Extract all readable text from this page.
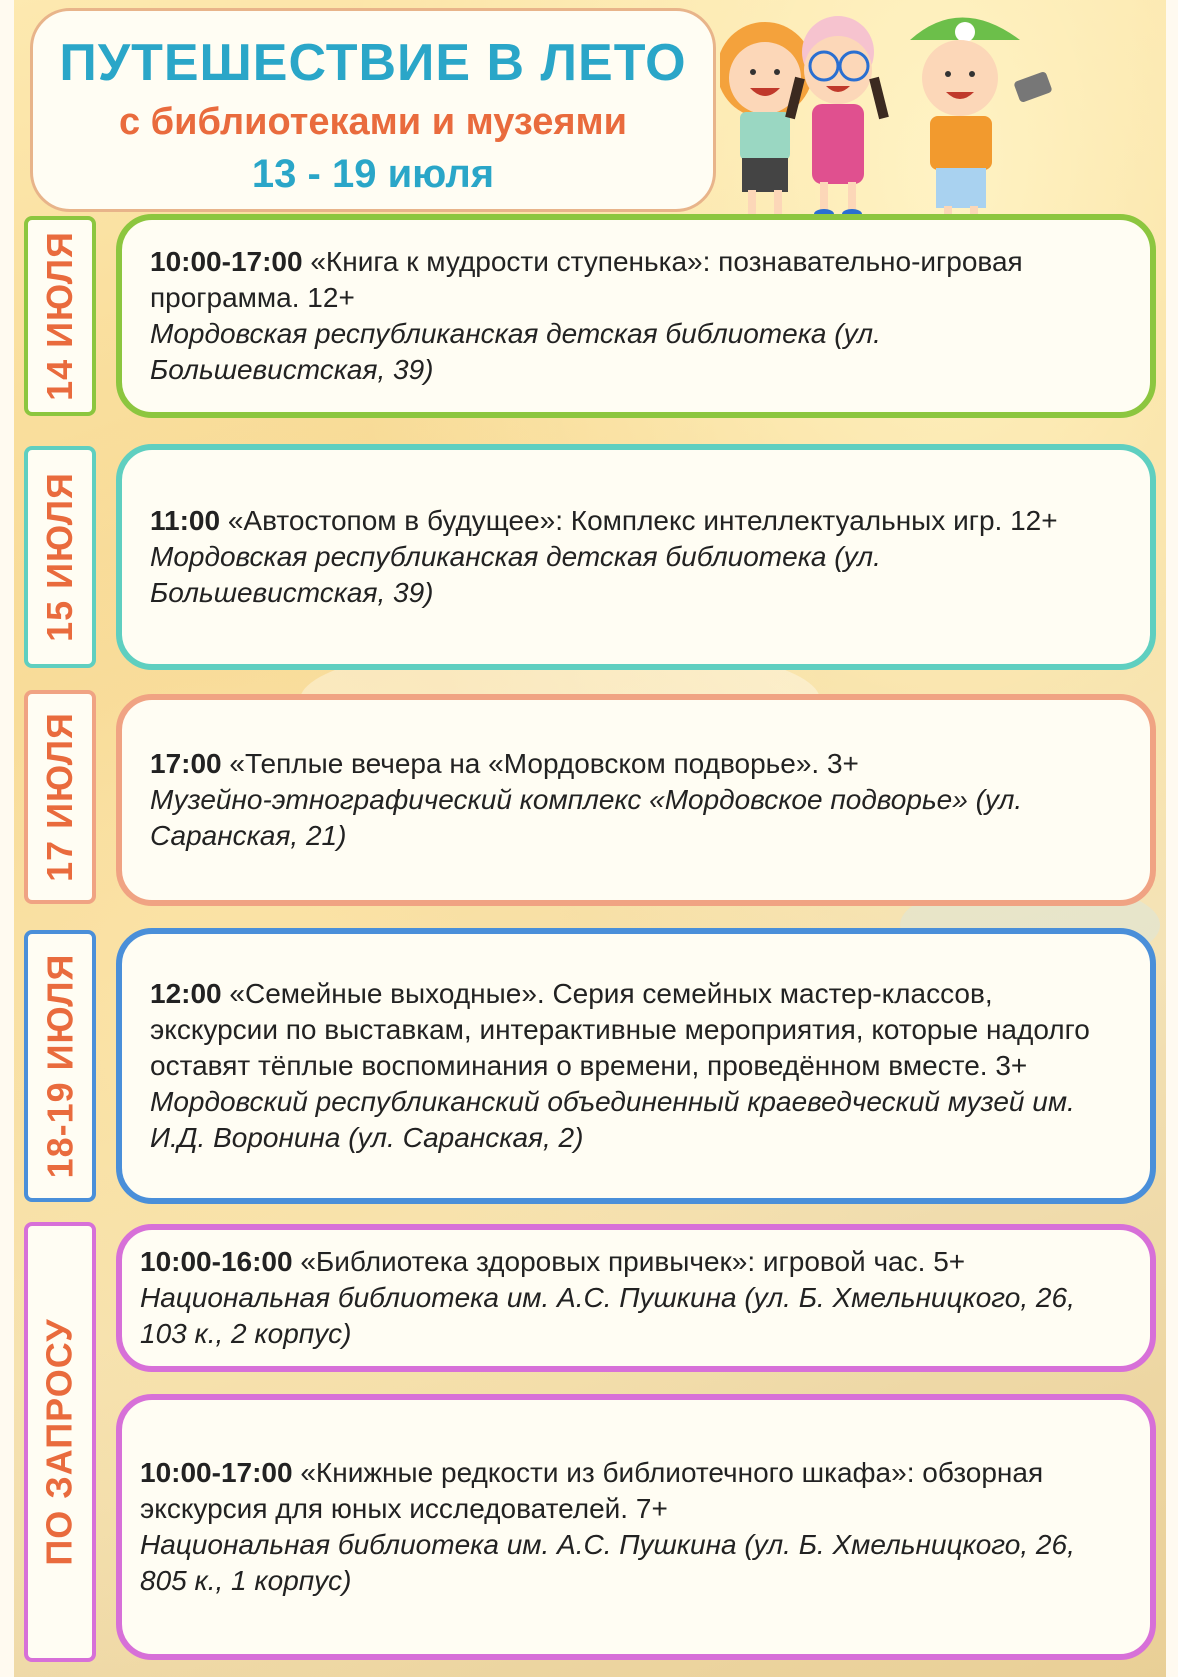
ПУТЕШЕСТВИЕ В ЛЕТО
с библиотеками и музеями
13 - 19 июля
14 ИЮЛЯ	10:00-17:00 «Книга к мудрости ступенька»: познавательно-игровая программа. 12+
Мордовская республиканская детская библиотека (ул. Большевистская, 39)
15 ИЮЛЯ	11:00 «Автостопом в будущее»: Комплекс интеллектуальных игр. 12+
Мордовская республиканская детская библиотека (ул. Большевистская, 39)
17 ИЮЛЯ	17:00 «Теплые вечера на «Мордовском подворье». 3+
Музейно-этнографический комплекс «Мордовское подворье» (ул. Саранская, 21)
18-19 ИЮЛЯ	12:00 «Семейные выходные». Серия семейных мастер-классов, экскурсии по выставкам, интерактивные мероприятия, которые надолго оставят тёплые воспоминания о времени, проведённом вместе. 3+
Мордовский республиканский объединенный краеведческий музей им. И.Д. Воронина (ул. Саранская, 2)
ПО ЗАПРОСУ
10:00-16:00 «Библиотека здоровых привычек»: игровой час. 5+
Национальная библиотека им. А.С. Пушкина (ул. Б. Хмельницкого, 26, 103 к., 2 корпус)
10:00-17:00 «Книжные редкости из библиотечного шкафа»: обзорная экскурсия для юных исследователей. 7+
Национальная библиотека им. А.С. Пушкина (ул. Б. Хмельницкого, 26, 805 к., 1 корпус)
